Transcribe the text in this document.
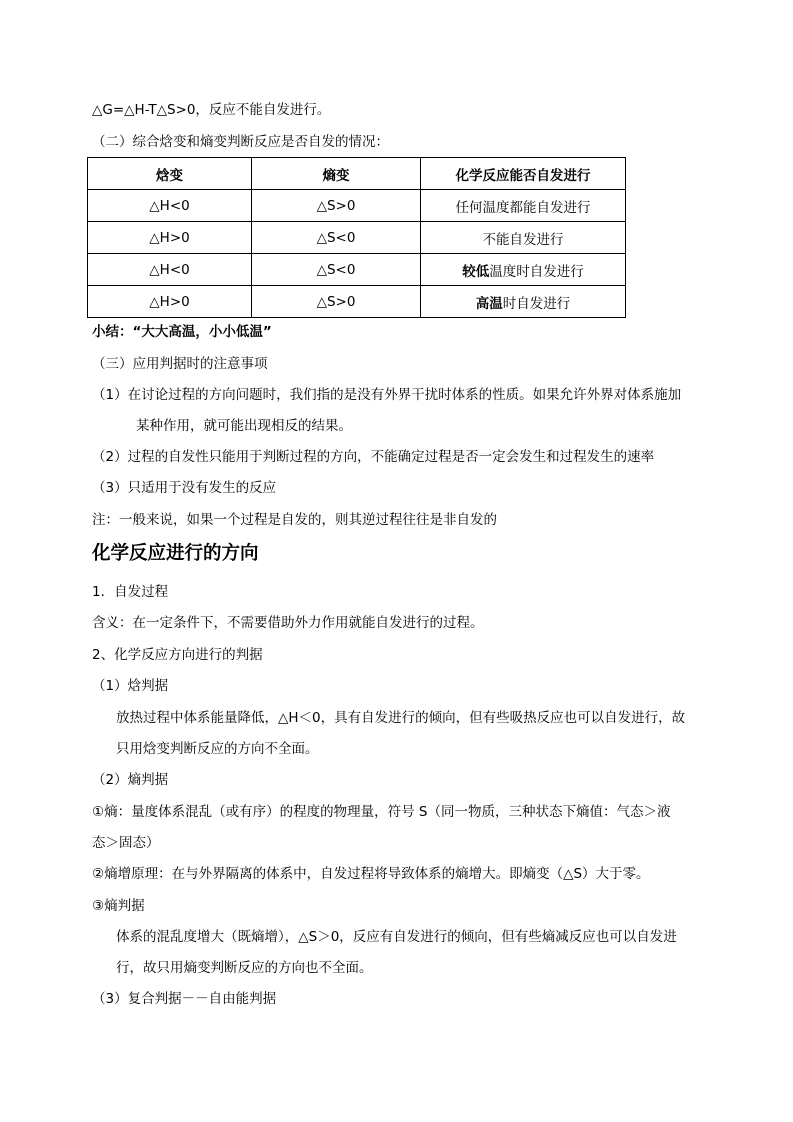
△G=△H-T△S>0，反应不能自发进行。
（二）综合焓变和熵变判断反应是否自发的情况：
焓变	熵变	化学反应能否自发进行
△H<0	△S>0	任何温度都能自发进行
△H>0	△S<0	不能自发进行
△H<0	△S<0	较低温度时自发进行
△H>0	△S>0	高温时自发进行
小结：“大大高温，小小低温”
（三）应用判据时的注意事项
（1）在讨论过程的方向问题时，我们指的是没有外界干扰时体系的性质。如果允许外界对体系施加
某种作用，就可能出现相反的结果。
（2）过程的自发性只能用于判断过程的方向，不能确定过程是否一定会发生和过程发生的速率
（3）只适用于没有发生的反应
注：一般来说，如果一个过程是自发的，则其逆过程往往是非自发的
化学反应进行的方向
1．自发过程
含义：在一定条件下，不需要借助外力作用就能自发进行的过程。
2、化学反应方向进行的判据
（1）焓判据
放热过程中体系能量降低，△H＜0，具有自发进行的倾向，但有些吸热反应也可以自发进行，故
只用焓变判断反应的方向不全面。
（2）熵判据
①熵：量度体系混乱（或有序）的程度的物理量，符号 S（同一物质，三种状态下熵值：气态＞液
态＞固态）
②熵增原理：在与外界隔离的体系中，自发过程将导致体系的熵增大。即熵变（△S）大于零。
③熵判据
体系的混乱度增大（既熵增），△S＞0，反应有自发进行的倾向，但有些熵减反应也可以自发进
行，故只用熵变判断反应的方向也不全面。
（3）复合判据－－自由能判据
